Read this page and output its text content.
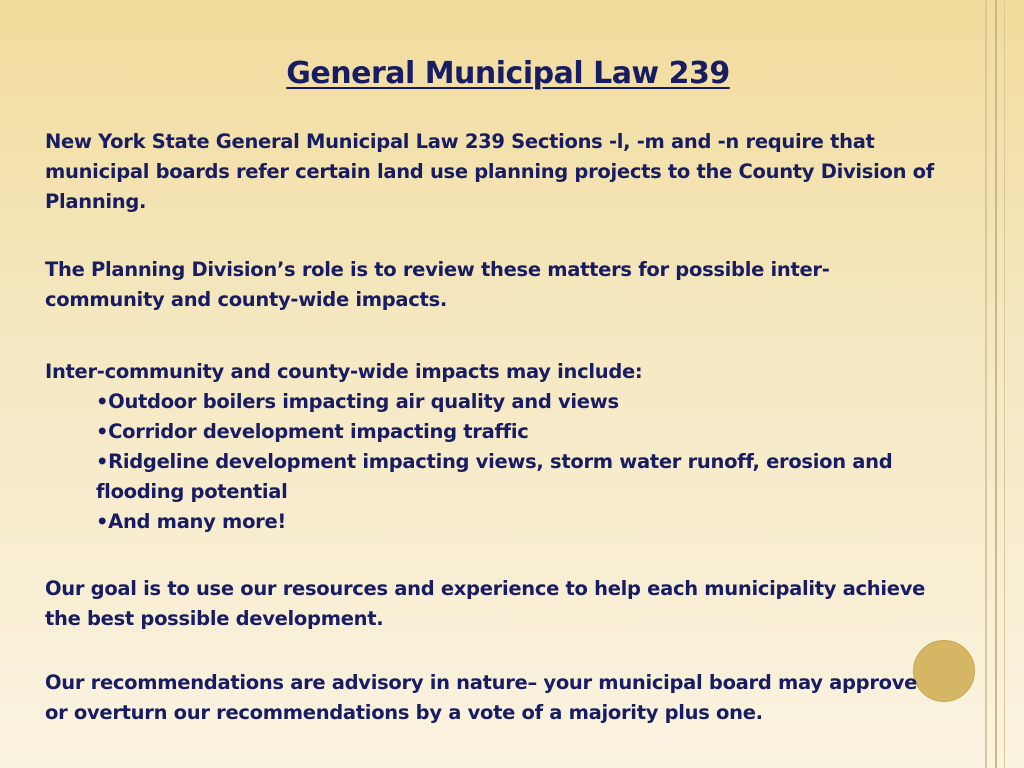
General Municipal Law 239
New York State General Municipal Law 239 Sections -l, -m and -n require that municipal boards refer certain land use planning projects to the County Division of Planning.
The Planning Division’s role is to review these matters for possible inter-community and county-wide impacts.
Inter-community and county-wide impacts may include:
•Outdoor boilers impacting air quality and views
•Corridor development impacting traffic
•Ridgeline development impacting views, storm water runoff, erosion and flooding potential
•And many more!
Our goal is to use our resources and experience to help each municipality achieve the best possible development.
Our recommendations are advisory in nature– your municipal board may approve or overturn our recommendations by a vote of a majority plus one.
